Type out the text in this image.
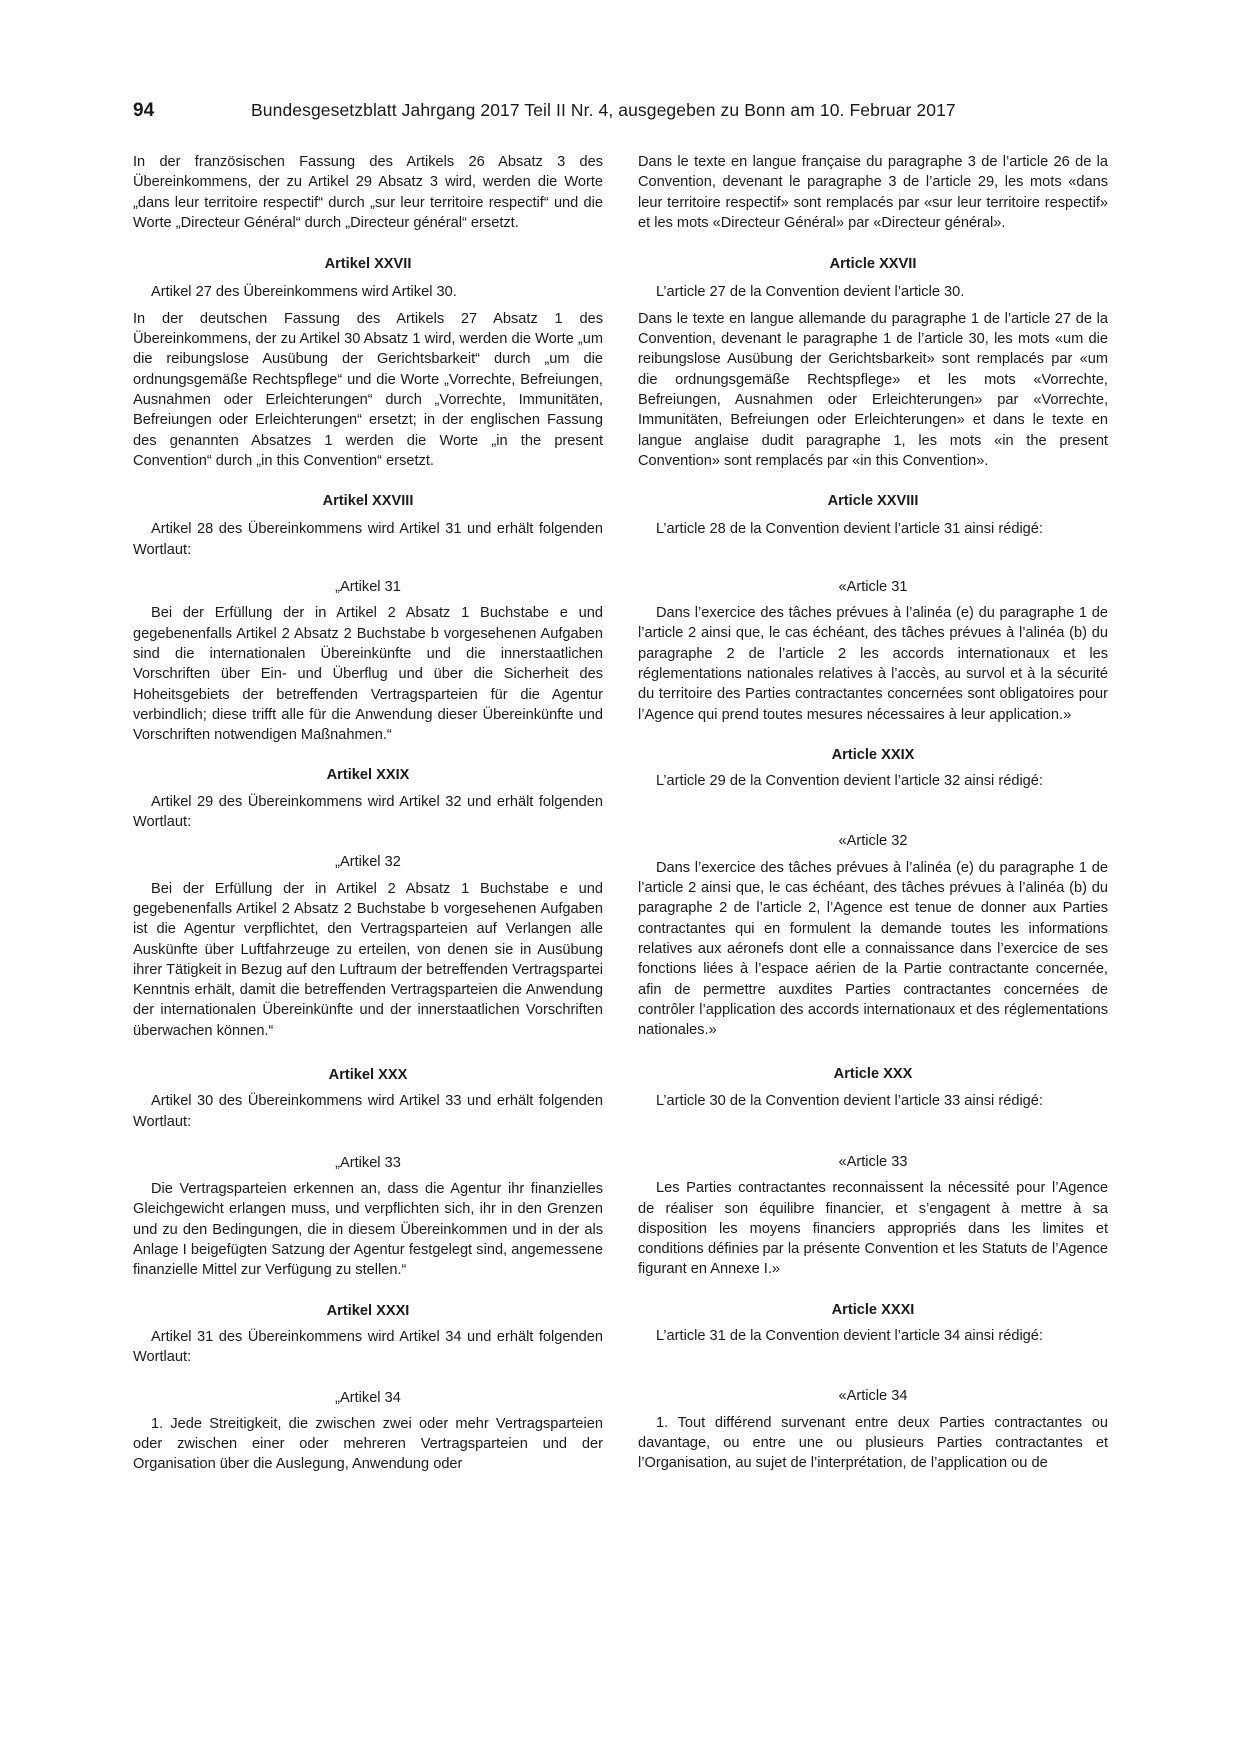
94	Bundesgesetzblatt Jahrgang 2017 Teil II Nr. 4, ausgegeben zu Bonn am 10. Februar 2017

In der französischen Fassung des Artikels 26 Absatz 3 des Übereinkommens, der zu Artikel 29 Absatz 3 wird, werden die Worte „dans leur territoire respectif“ durch „sur leur territoire respectif“ und die Worte „Directeur Général“ durch „Directeur général“ ersetzt.

Artikel XXVII

Artikel 27 des Übereinkommens wird Artikel 30.

In der deutschen Fassung des Artikels 27 Absatz 1 des Übereinkommens, der zu Artikel 30 Absatz 1 wird, werden die Worte „um die reibungslose Ausübung der Gerichtsbarkeit“ durch „um die ordnungsgemäße Rechtspflege“ und die Worte „Vorrechte, Befreiungen, Ausnahmen oder Erleichterungen“ durch „Vorrechte, Immunitäten, Befreiungen oder Erleichterungen“ ersetzt; in der englischen Fassung des genannten Absatzes 1 werden die Worte „in the present Convention“ durch „in this Convention“ ersetzt.

Artikel XXVIII

Artikel 28 des Übereinkommens wird Artikel 31 und erhält folgenden Wortlaut:

„Artikel 31

Bei der Erfüllung der in Artikel 2 Absatz 1 Buchstabe e und gegebenenfalls Artikel 2 Absatz 2 Buchstabe b vorgesehenen Aufgaben sind die internationalen Übereinkünfte und die innerstaatlichen Vorschriften über Ein- und Überflug und über die Sicherheit des Hoheitsgebiets der betreffenden Vertragsparteien für die Agentur verbindlich; diese trifft alle für die Anwendung dieser Übereinkünfte und Vorschriften notwendigen Maßnahmen.“

Artikel XXIX

Artikel 29 des Übereinkommens wird Artikel 32 und erhält folgenden Wortlaut:

„Artikel 32

Bei der Erfüllung der in Artikel 2 Absatz 1 Buchstabe e und gegebenenfalls Artikel 2 Absatz 2 Buchstabe b vorgesehenen Aufgaben ist die Agentur verpflichtet, den Vertragsparteien auf Verlangen alle Auskünfte über Luftfahrzeuge zu erteilen, von denen sie in Ausübung ihrer Tätigkeit in Bezug auf den Luftraum der betreffenden Vertragspartei Kenntnis erhält, damit die betreffenden Vertragsparteien die Anwendung der internationalen Übereinkünfte und der innerstaatlichen Vorschriften überwachen können.“

Artikel XXX

Artikel 30 des Übereinkommens wird Artikel 33 und erhält folgenden Wortlaut:

„Artikel 33

Die Vertragsparteien erkennen an, dass die Agentur ihr finanzielles Gleichgewicht erlangen muss, und verpflichten sich, ihr in den Grenzen und zu den Bedingungen, die in diesem Übereinkommen und in der als Anlage I beigefügten Satzung der Agentur festgelegt sind, angemessene finanzielle Mittel zur Verfügung zu stellen.“

Artikel XXXI

Artikel 31 des Übereinkommens wird Artikel 34 und erhält folgenden Wortlaut:

„Artikel 34

1. Jede Streitigkeit, die zwischen zwei oder mehr Vertragsparteien oder zwischen einer oder mehreren Vertragsparteien und der Organisation über die Auslegung, Anwendung oder

Dans le texte en langue française du paragraphe 3 de l’article 26 de la Convention, devenant le paragraphe 3 de l’article 29, les mots «dans leur territoire respectif» sont remplacés par «sur leur territoire respectif» et les mots «Directeur Général» par «Directeur général».

Article XXVII

L’article 27 de la Convention devient l’article 30.

Dans le texte en langue allemande du paragraphe 1 de l’article 27 de la Convention, devenant le paragraphe 1 de l’article 30, les mots «um die reibungslose Ausübung der Gerichtsbarkeit» sont remplacés par «um die ordnungsgemäße Rechtspflege» et les mots «Vorrechte, Befreiungen, Ausnahmen oder Erleichterungen» par «Vorrechte, Immunitäten, Befreiungen oder Erleichterungen» et dans le texte en langue anglaise dudit paragraphe 1, les mots «in the present Convention» sont remplacés par «in this Convention».

Article XXVIII

L’article 28 de la Convention devient l’article 31 ainsi rédigé:

«Article 31

Dans l’exercice des tâches prévues à l’alinéa (e) du paragraphe 1 de l’article 2 ainsi que, le cas échéant, des tâches prévues à l’alinéa (b) du paragraphe 2 de l’article 2 les accords internationaux et les réglementations nationales relatives à l’accès, au survol et à la sécurité du territoire des Parties contractantes concernées sont obligatoires pour l’Agence qui prend toutes mesures nécessaires à leur application.»

Article XXIX

L’article 29 de la Convention devient l’article 32 ainsi rédigé:

«Article 32

Dans l’exercice des tâches prévues à l’alinéa (e) du paragraphe 1 de l’article 2 ainsi que, le cas échéant, des tâches prévues à l’alinéa (b) du paragraphe 2 de l’article 2, l’Agence est tenue de donner aux Parties contractantes qui en formulent la demande toutes les informations relatives aux aéronefs dont elle a connaissance dans l’exercice de ses fonctions liées à l’espace aérien de la Partie contractante concernée, afin de permettre auxdites Parties contractantes concernées de contrôler l’application des accords internationaux et des réglementations nationales.»

Article XXX

L’article 30 de la Convention devient l’article 33 ainsi rédigé:

«Article 33

Les Parties contractantes reconnaissent la nécessité pour l’Agence de réaliser son équilibre financier, et s’engagent à mettre à sa disposition les moyens financiers appropriés dans les limites et conditions définies par la présente Convention et les Statuts de l’Agence figurant en Annexe I.»

Article XXXI

L’article 31 de la Convention devient l’article 34 ainsi rédigé:

«Article 34

1. Tout différend survenant entre deux Parties contractantes ou davantage, ou entre une ou plusieurs Parties contractantes et l’Organisation, au sujet de l’interprétation, de l’application ou de
